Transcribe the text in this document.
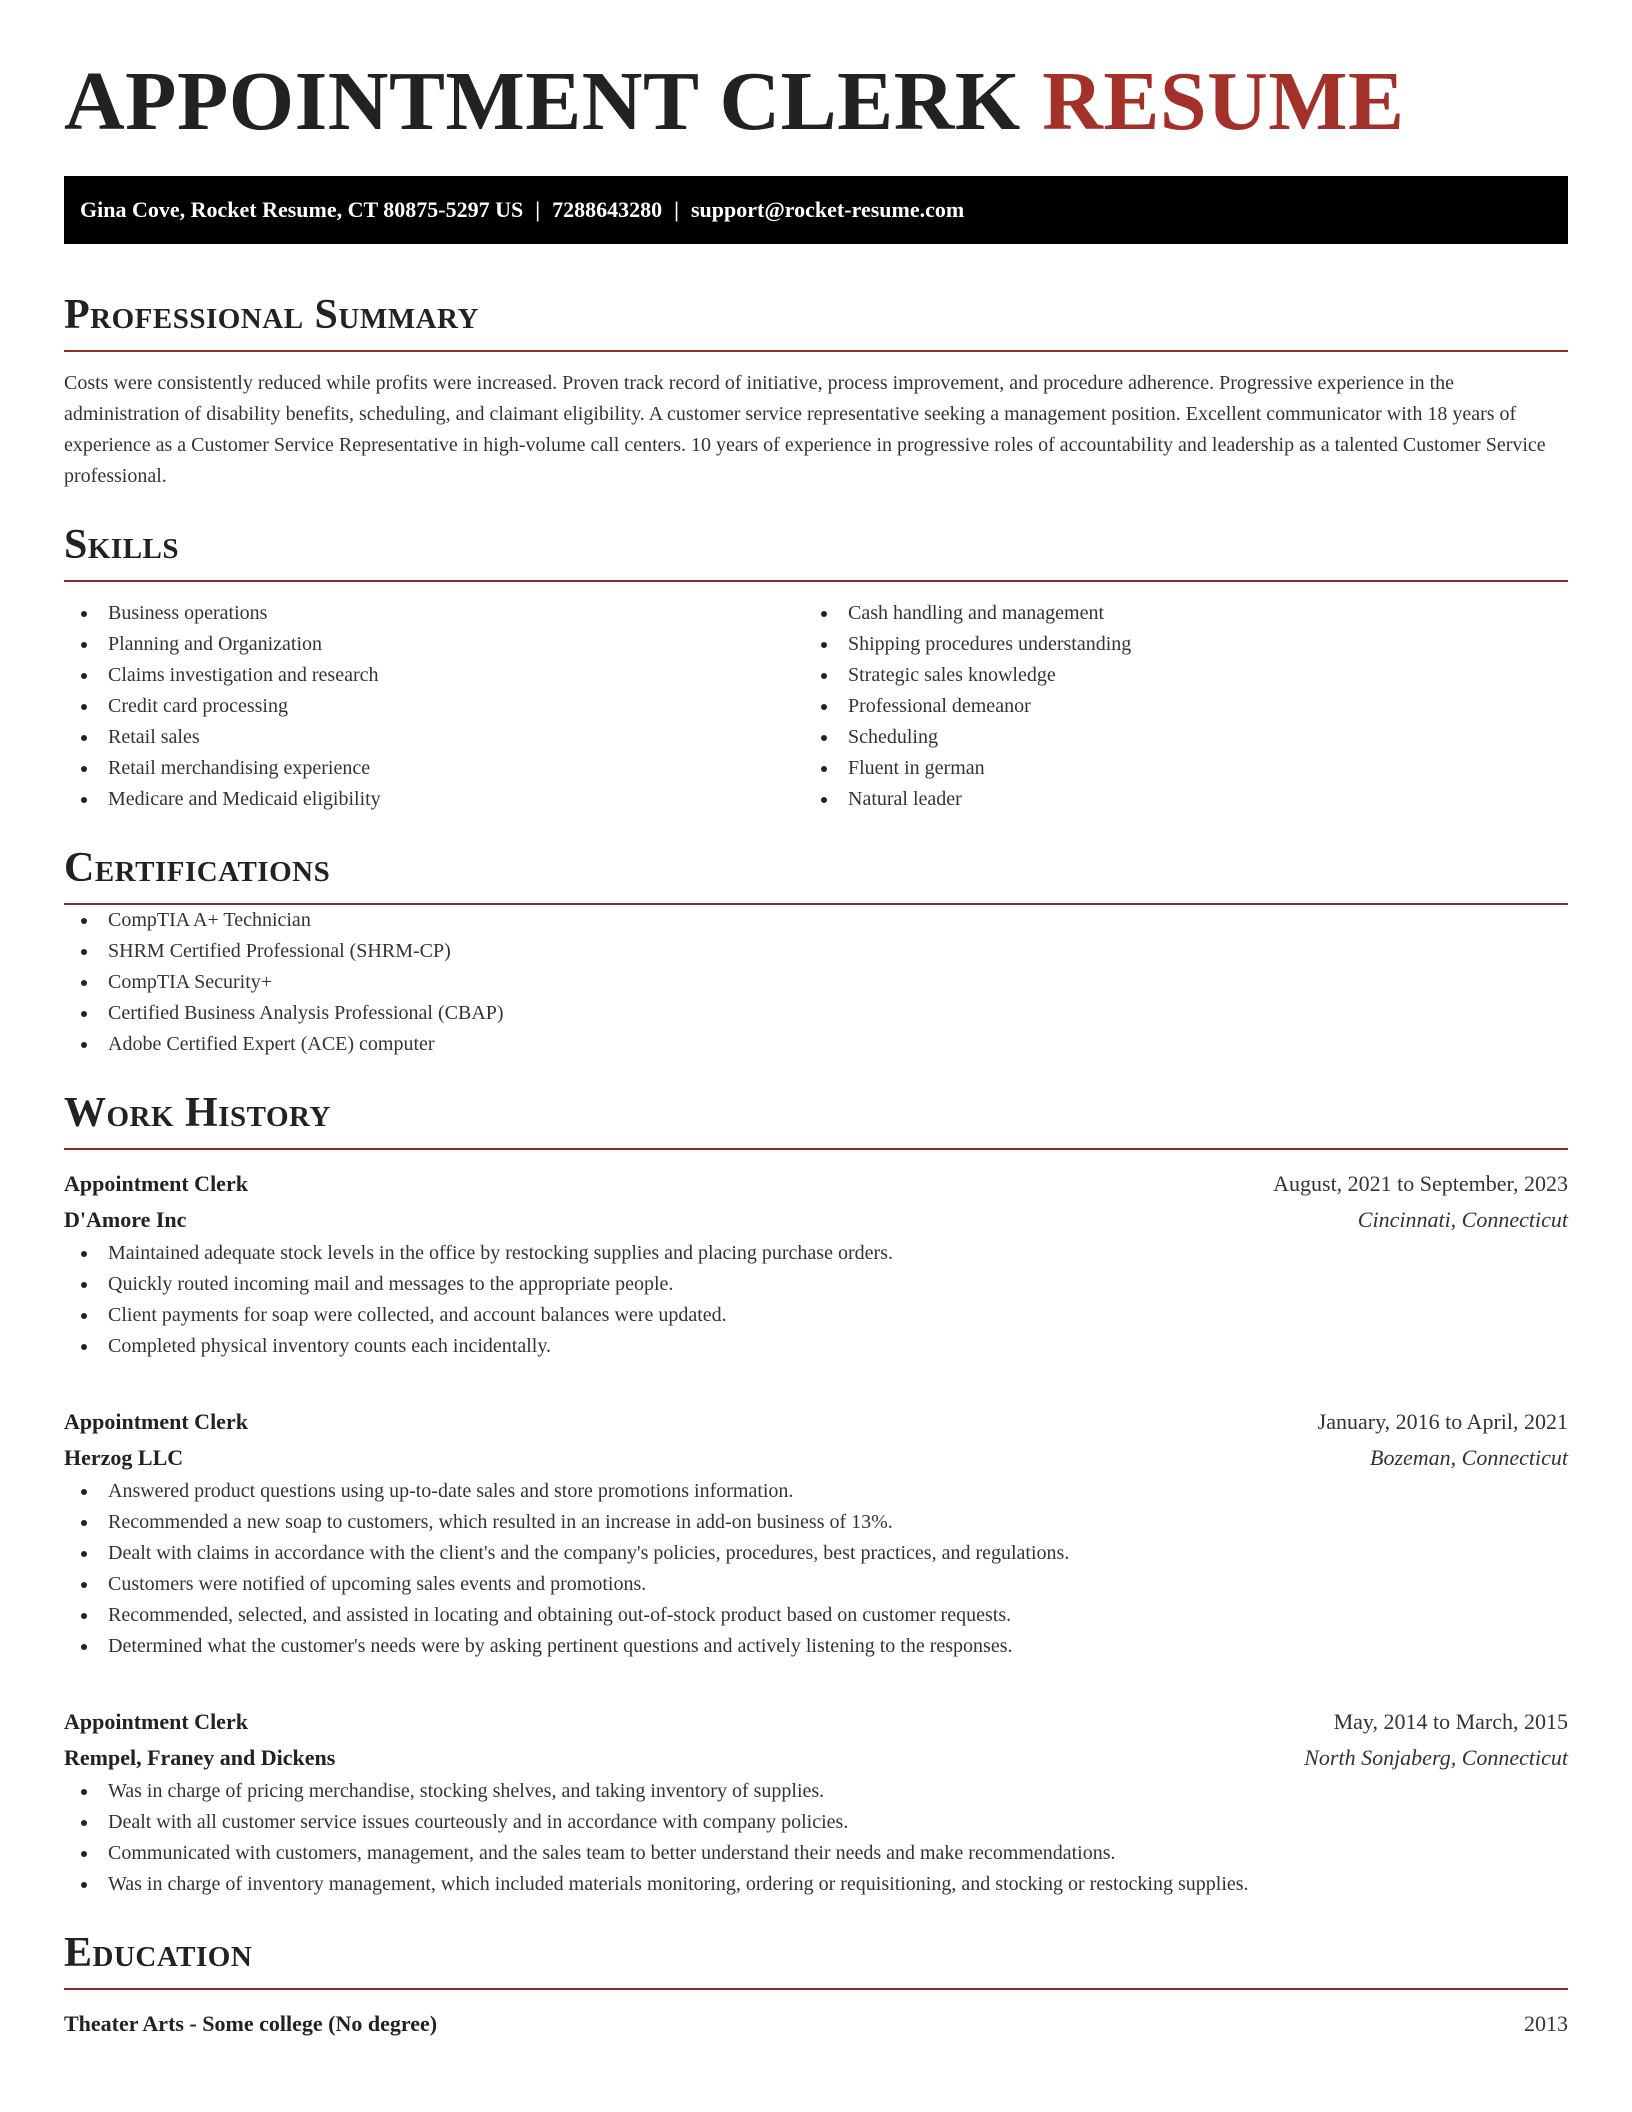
APPOINTMENT CLERK RESUME
Gina Cove, Rocket Resume, CT 80875-5297 US | 7288643280 | support@rocket-resume.com
Professional Summary

Costs were consistently reduced while profits were increased. Proven track record of initiative, process improvement, and procedure adherence. Progressive experience in the administration of disability benefits, scheduling, and claimant eligibility. A customer service representative seeking a management position. Excellent communicator with 18 years of experience as a Customer Service Representative in high-volume call centers. 10 years of experience in progressive roles of accountability and leadership as a talented Customer Service professional.

Skills
Business operations
Planning and Organization
Claims investigation and research
Credit card processing
Retail sales
Retail merchandising experience
Medicare and Medicaid eligibility
Cash handling and management
Shipping procedures understanding
Strategic sales knowledge
Professional demeanor
Scheduling
Fluent in german
Natural leader
Certifications
CompTIA A+ Technician
SHRM Certified Professional (SHRM-CP)
CompTIA Security+
Certified Business Analysis Professional (CBAP)
Adobe Certified Expert (ACE) computer
Work History
Appointment Clerk	August, 2021 to September, 2023
D'Amore Inc	Cincinnati, Connecticut
Maintained adequate stock levels in the office by restocking supplies and placing purchase orders.
Quickly routed incoming mail and messages to the appropriate people.
Client payments for soap were collected, and account balances were updated.
Completed physical inventory counts each incidentally.
Appointment Clerk	January, 2016 to April, 2021
Herzog LLC	Bozeman, Connecticut
Answered product questions using up-to-date sales and store promotions information.
Recommended a new soap to customers, which resulted in an increase in add-on business of 13%.
Dealt with claims in accordance with the client's and the company's policies, procedures, best practices, and regulations.
Customers were notified of upcoming sales events and promotions.
Recommended, selected, and assisted in locating and obtaining out-of-stock product based on customer requests.
Determined what the customer's needs were by asking pertinent questions and actively listening to the responses.
Appointment Clerk	May, 2014 to March, 2015
Rempel, Franey and Dickens	North Sonjaberg, Connecticut
Was in charge of pricing merchandise, stocking shelves, and taking inventory of supplies.
Dealt with all customer service issues courteously and in accordance with company policies.
Communicated with customers, management, and the sales team to better understand their needs and make recommendations.
Was in charge of inventory management, which included materials monitoring, ordering or requisitioning, and stocking or restocking supplies.
Education
Theater Arts - Some college (No degree)	2013
